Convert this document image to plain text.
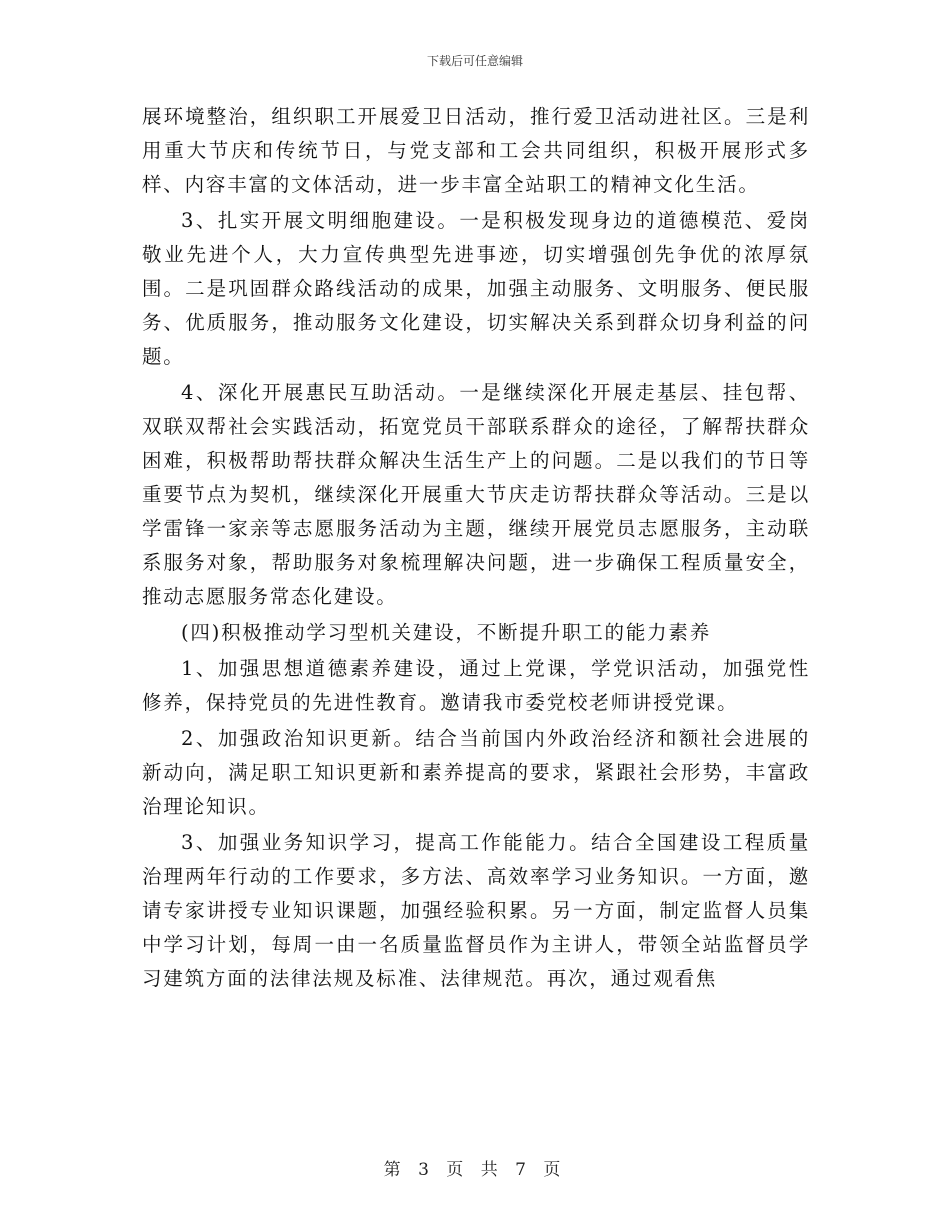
下载后可任意编辑

展环境整治，组织职工开展爱卫日活动，推行爱卫活动进社区。三是利用重大节庆和传统节日，与党支部和工会共同组织，积极开展形式多样、内容丰富的文体活动，进一步丰富全站职工的精神文化生活。

3、扎实开展文明细胞建设。一是积极发现身边的道德模范、爱岗敬业先进个人，大力宣传典型先进事迹，切实增强创先争优的浓厚氛围。二是巩固群众路线活动的成果，加强主动服务、文明服务、便民服务、优质服务，推动服务文化建设，切实解决关系到群众切身利益的问题。

4、深化开展惠民互助活动。一是继续深化开展走基层、挂包帮、双联双帮社会实践活动，拓宽党员干部联系群众的途径，了解帮扶群众困难，积极帮助帮扶群众解决生活生产上的问题。二是以我们的节日等重要节点为契机，继续深化开展重大节庆走访帮扶群众等活动。三是以学雷锋一家亲等志愿服务活动为主题，继续开展党员志愿服务，主动联系服务对象，帮助服务对象梳理解决问题，进一步确保工程质量安全，推动志愿服务常态化建设。

(四)积极推动学习型机关建设，不断提升职工的能力素养

1、加强思想道德素养建设，通过上党课，学党识活动，加强党性修养，保持党员的先进性教育。邀请我市委党校老师讲授党课。

2、加强政治知识更新。结合当前国内外政治经济和额社会进展的新动向，满足职工知识更新和素养提高的要求，紧跟社会形势，丰富政治理论知识。

3、加强业务知识学习，提高工作能能力。结合全国建设工程质量治理两年行动的工作要求，多方法、高效率学习业务知识。一方面，邀请专家讲授专业知识课题，加强经验积累。另一方面，制定监督人员集中学习计划，每周一由一名质量监督员作为主讲人，带领全站监督员学习建筑方面的法律法规及标准、法律规范。再次，通过观看焦

第 3 页 共 7 页
